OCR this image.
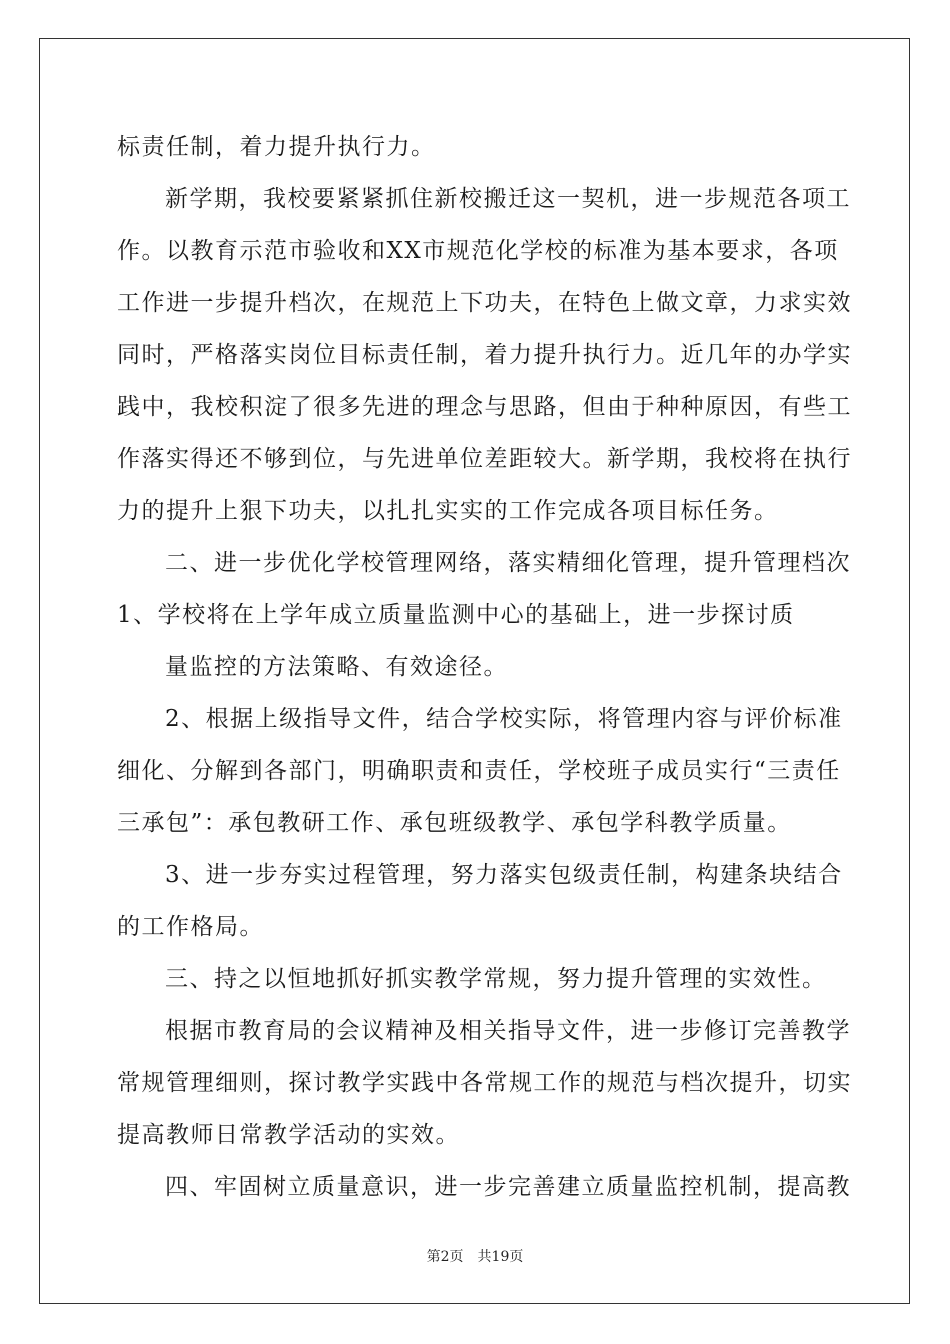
标责任制，着力提升执行力。
新学期，我校要紧紧抓住新校搬迁这一契机，进一步规范各项工
作。以教育示范市验收和XX市规范化学校的标准为基本要求，各项
工作进一步提升档次，在规范上下功夫，在特色上做文章，力求实效
同时，严格落实岗位目标责任制，着力提升执行力。近几年的办学实
践中，我校积淀了很多先进的理念与思路，但由于种种原因，有些工
作落实得还不够到位，与先进单位差距较大。新学期，我校将在执行
力的提升上狠下功夫，以扎扎实实的工作完成各项目标任务。
二、进一步优化学校管理网络，落实精细化管理，提升管理档次
1、学校将在上学年成立质量监测中心的基础上，进一步探讨质
量监控的方法策略、有效途径。
2、根据上级指导文件，结合学校实际，将管理内容与评价标准
细化、分解到各部门，明确职责和责任，学校班子成员实行“三责任
三承包”：承包教研工作、承包班级教学、承包学科教学质量。
3、进一步夯实过程管理，努力落实包级责任制，构建条块结合
的工作格局。
三、持之以恒地抓好抓实教学常规，努力提升管理的实效性。
根据市教育局的会议精神及相关指导文件，进一步修订完善教学
常规管理细则，探讨教学实践中各常规工作的规范与档次提升，切实
提高教师日常教学活动的实效。
四、牢固树立质量意识，进一步完善建立质量监控机制，提高教
第2页　共19页
